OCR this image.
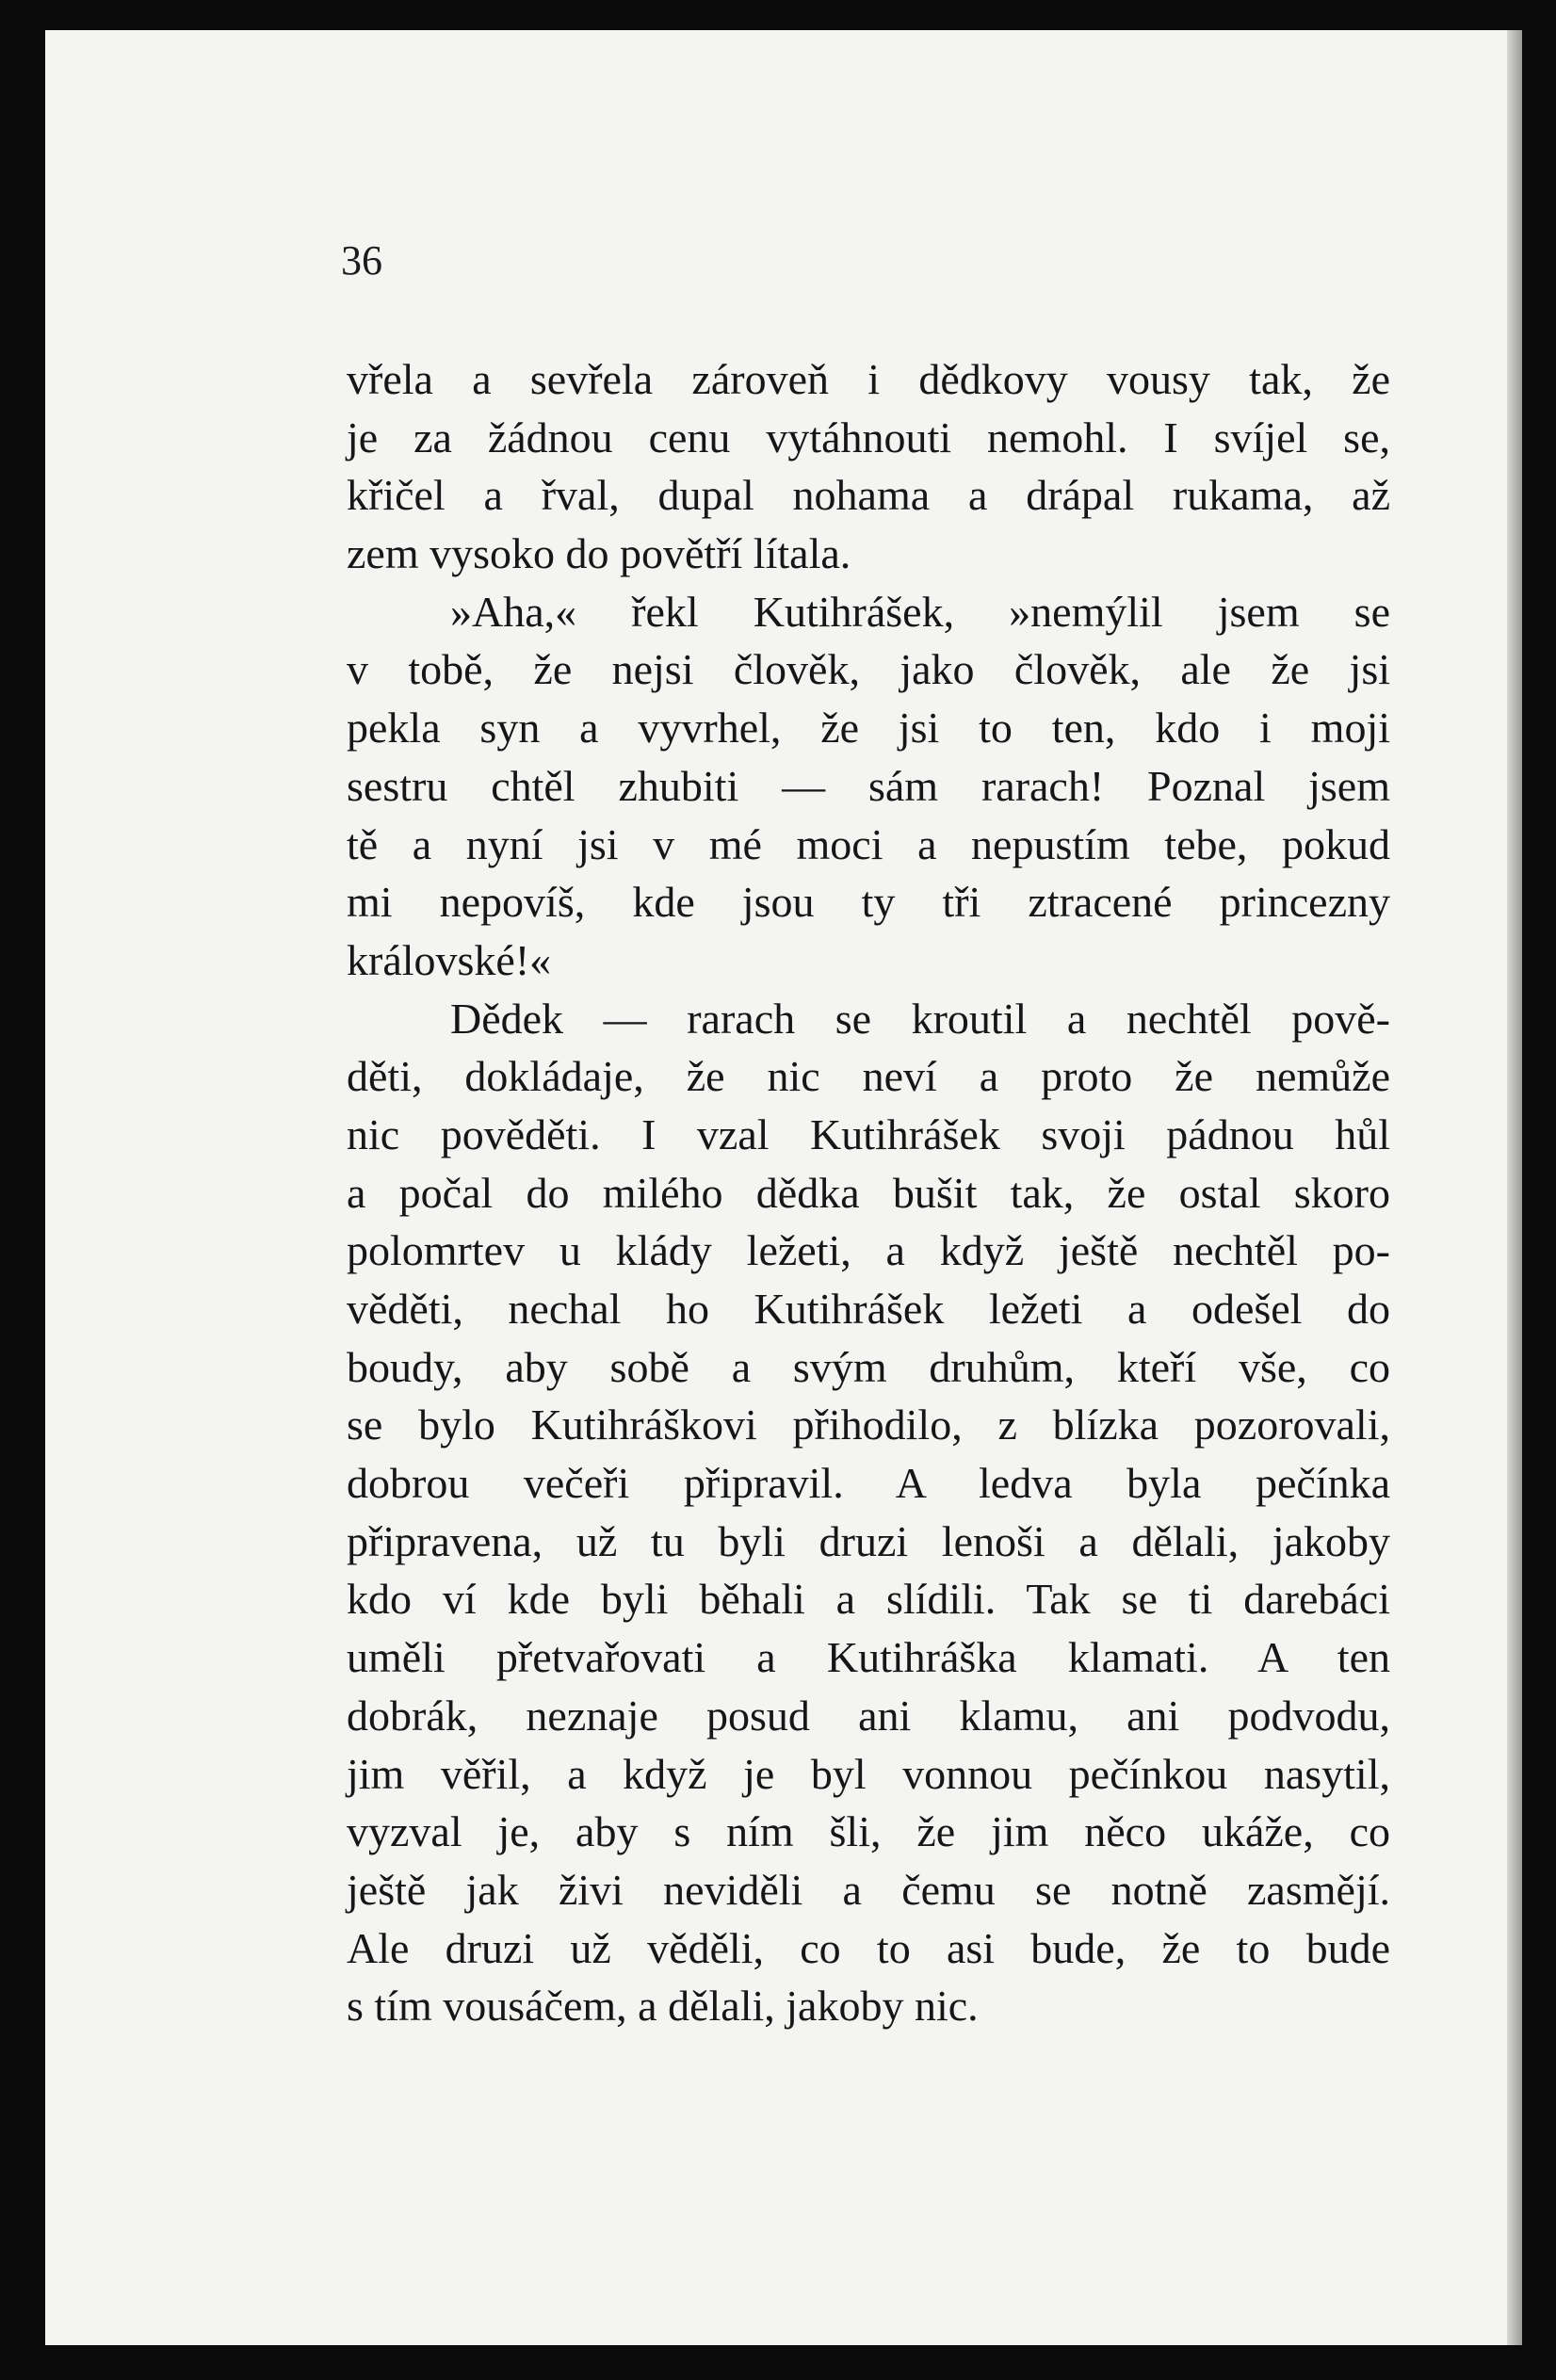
36
vřela a sevřela zároveň i dědkovy vousy tak, že
je za žádnou cenu vytáhnouti nemohl. I svíjel se,
křičel a řval, dupal nohama a drápal rukama, až
zem vysoko do povětří lítala.
»Aha,« řekl Kutihrášek, »nemýlil jsem se
v tobě, že nejsi člověk, jako člověk, ale že jsi
pekla syn a vyvrhel, že jsi to ten, kdo i moji
sestru chtěl zhubiti — sám rarach! Poznal jsem
tě a nyní jsi v mé moci a nepustím tebe, pokud
mi nepovíš, kde jsou ty tři ztracené princezny
královské!«
Dědek — rarach se kroutil a nechtěl pově-
děti, dokládaje, že nic neví a proto že nemůže
nic pověděti. I vzal Kutihrášek svoji pádnou hůl
a počal do milého dědka bušit tak, že ostal skoro
polomrtev u klády ležeti, a když ještě nechtěl po-
věděti, nechal ho Kutihrášek ležeti a odešel do
boudy, aby sobě a svým druhům, kteří vše, co
se bylo Kutihráškovi přihodilo, z blízka pozorovali,
dobrou večeři připravil. A ledva byla pečínka
připravena, už tu byli druzi lenoši a dělali, jakoby
kdo ví kde byli běhali a slídili. Tak se ti darebáci
uměli přetvařovati a Kutihráška klamati. A ten
dobrák, neznaje posud ani klamu, ani podvodu,
jim věřil, a když je byl vonnou pečínkou nasytil,
vyzval je, aby s ním šli, že jim něco ukáže, co
ještě jak živi neviděli a čemu se notně zasmějí.
Ale druzi už věděli, co to asi bude, že to bude
s tím vousáčem, a dělali, jakoby nic.
